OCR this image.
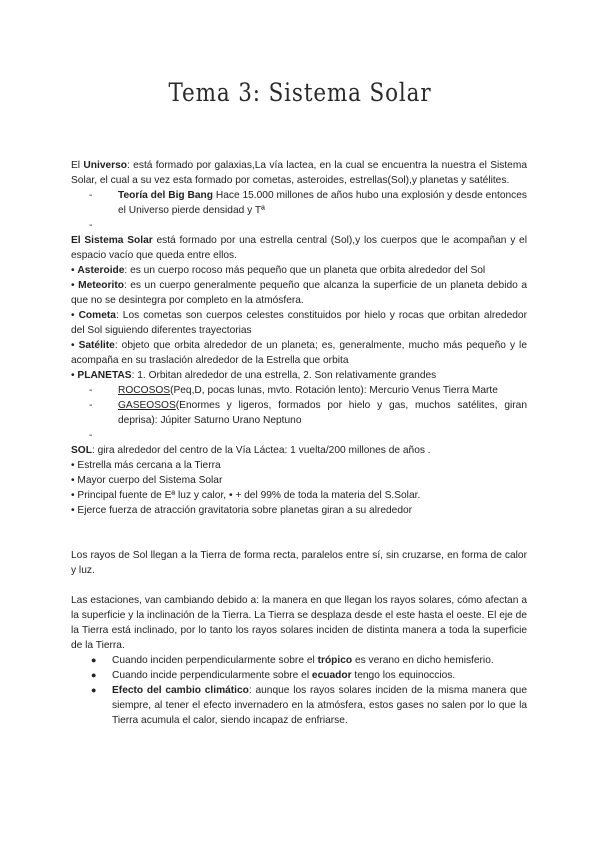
Tema 3: Sistema Solar

El Universo: está formado por galaxias,La vía lactea, en la cual se encuentra la nuestra el Sistema Solar, el cual a su vez esta formado por cometas, asteroides, estrellas(Sol),y planetas y satélites.

-	Teoría del Big Bang Hace 15.000 millones de años hubo una explosión y desde entonces el Universo pierde densidad y Tª

-

El Sistema Solar está formado por una estrella central (Sol),y los cuerpos que le acompañan y el espacio vacío que queda entre ellos.

• Asteroide: es un cuerpo rocoso más pequeño que un planeta que orbita alrededor del Sol

• Meteorito: es un cuerpo generalmente pequeño que alcanza la superficie de un planeta debido a que no se desintegra por completo en la atmósfera.

• Cometa: Los cometas son cuerpos celestes constituidos por hielo y rocas que orbitan alrededor del Sol siguiendo diferentes trayectorias

• Satélite: objeto que orbita alrededor de un planeta; es, generalmente, mucho más pequeño y le acompaña en su traslación alrededor de la Estrella que orbita

• PLANETAS: 1. Orbitan alrededor de una estrella, 2. Son relativamente grandes

-	ROCOSOS(Peq,D, pocas lunas, mvto. Rotación lento): Mercurio Venus Tierra Marte

-	GASEOSOS(Enormes y ligeros, formados por hielo y gas, muchos satélites, giran deprisa): Júpiter Saturno Urano Neptuno

-

SOL: gira alrededor del centro de la Vía Láctea: 1 vuelta/200 millones de años .

• Estrella más cercana a la Tierra

• Mayor cuerpo del Sistema Solar

• Principal fuente de Eª luz y calor, • + del 99% de toda la materia del S.Solar.

• Ejerce fuerza de atracción gravitatoria sobre planetas giran a su alrededor

Los rayos de Sol llegan a la Tierra de forma recta, paralelos entre sí, sin cruzarse, en forma de calor y luz.

Las estaciones, van cambiando debido a: la manera en que llegan los rayos solares, cómo afectan a la superficie y la inclinación de la Tierra. La Tierra se desplaza desde el este hasta el oeste. El eje de la Tierra está inclinado, por lo tanto los rayos solares inciden de distinta manera a toda la superficie de la Tierra.

● Cuando inciden perpendicularmente sobre el trópico es verano en dicho hemisferio.

● Cuando incide perpendicularmente sobre el ecuador tengo los equinoccios.

● Efecto del cambio climático: aunque los rayos solares inciden de la misma manera que siempre, al tener el efecto invernadero en la atmósfera, estos gases no salen por lo que la Tierra acumula el calor, siendo incapaz de enfriarse.
